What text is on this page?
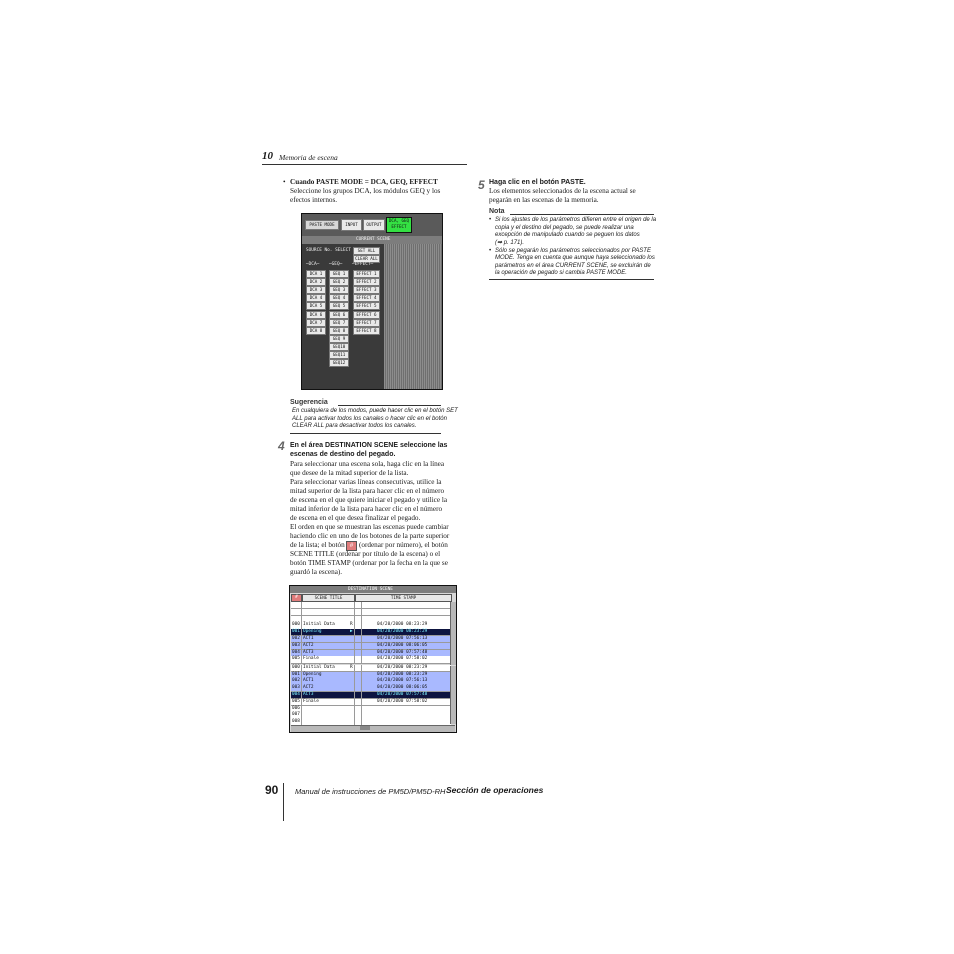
10 Memoria de escena
• Cuando PASTE MODE = DCA, GEQ, EFFECT
Seleccione los grupos DCA, los módulos GEQ y los
efectos internos.
PASTE MODE	INPUT	OUTPUT
DCA, GEQ
EFFECT
CURRENT SCENE
SOURCE No. SELECT	SET ALL
CLEAR ALL
─DCA─ ─GEQ─ ─EFFECT─
DCA 1
DCA 2
DCA 3
DCA 4
DCA 5
DCA 6
DCA 7
DCA 8
GEQ 1
GEQ 2
GEQ 3
GEQ 4
GEQ 5
GEQ 6
GEQ 7
GEQ 8
GEQ 9
GEQ10
GEQ11
GEQ12
EFFECT 1
EFFECT 2
EFFECT 3
EFFECT 4
EFFECT 5
EFFECT 6
EFFECT 7
EFFECT 8
Sugerencia
En cualquiera de los modos, puede hacer clic en el botón SET
ALL para activar todos los canales o hacer clic en el botón
CLEAR ALL para desactivar todos los canales.
4 En el área DESTINATION SCENE seleccione las
escenas de destino del pegado.
Para seleccionar una escena sola, haga clic en la línea
que desee de la mitad superior de la lista.
Para seleccionar varias líneas consecutivas, utilice la
mitad superior de la lista para hacer clic en el número
de escena en el que quiere iniciar el pegado y utilice la
mitad inferior de la lista para hacer clic en el número
de escena en el que desea finalizar el pegado.
El orden en que se muestran las escenas puede cambiar
haciendo clic en uno de los botones de la parte superior
de la lista; el botón # (ordenar por número), el botón
SCENE TITLE (ordenar por título de la escena) o el
botón TIME STAMP (ordenar por la fecha en la que se
guardó la escena).
DESTINATION SCENE
#	SCENE TITLE	TIME STAMP
000 Initial Data	R	04/20/2000 08:23:29
001 Opening	▶	04/20/2000 08:23:29
002 ACT1	04/20/2000 07:56:13
003 ACT2	04/20/2000 08:06:05
004 ACT3	04/20/2000 07:57:48
005 Finale	04/20/2000 07:58:02
000 Initial Data	R	04/20/2000 08:23:29
001 Opening	04/20/2000 08:23:29
002 ACT1	04/20/2000 07:56:13
003 ACT2	04/20/2000 08:06:05
004 ACT3	04/20/2000 07:57:48
005 Finale	04/20/2000 07:58:02
006
007
008
5 Haga clic en el botón PASTE.
Los elementos seleccionados de la escena actual se
pegarán en las escenas de la memoria.
Nota
• Si los ajustes de los parámetros difieren entre el origen de la
copia y el destino del pegado, se puede realizar una
excepción de manipulado cuando se peguen los datos
(➡ p. 171).
• Sólo se pegarán los parámetros seleccionados por PASTE
MODE. Tenga en cuenta que aunque haya seleccionado los
parámetros en el área CURRENT SCENE, se excluirán de
la operación de pegado si cambia PASTE MODE.
90 Manual de instrucciones de PM5D/PM5D-RH Sección de operaciones
